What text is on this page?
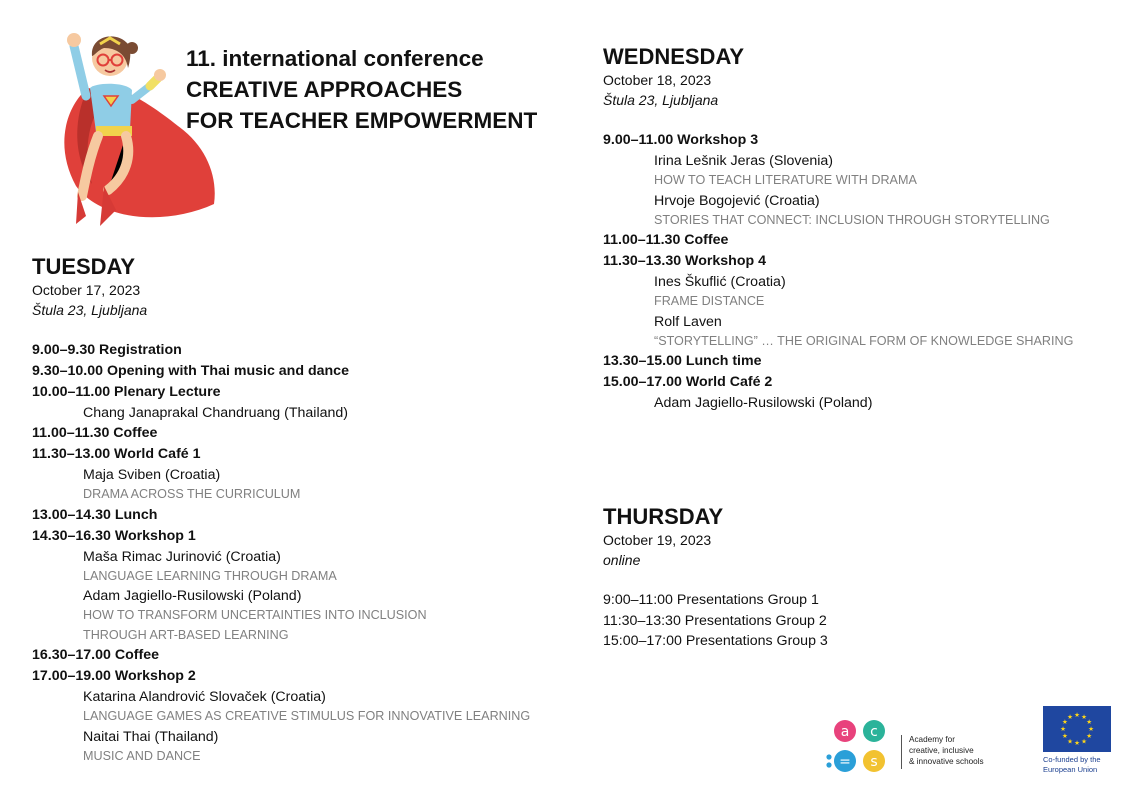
11. international conference
CREATIVE APPROACHES
FOR TEACHER EMPOWERMENT
TUESDAY
October 17, 2023
Štula 23, Ljubljana
9.00–9.30 Registration
9.30–10.00 Opening with Thai music and dance
10.00–11.00 Plenary Lecture
Chang Janaprakal Chandruang (Thailand)
11.00–11.30 Coffee
11.30–13.00 World Café 1
Maja Sviben (Croatia)
DRAMA ACROSS THE CURRICULUM
13.00–14.30 Lunch
14.30–16.30 Workshop 1
Maša Rimac Jurinović (Croatia)
LANGUAGE LEARNING THROUGH DRAMA
Adam Jagiello-Rusilowski (Poland)
HOW TO TRANSFORM UNCERTAINTIES INTO INCLUSION
THROUGH ART-BASED LEARNING
16.30–17.00 Coffee
17.00–19.00 Workshop 2
Katarina Alandrović Slovaček (Croatia)
LANGUAGE GAMES AS CREATIVE STIMULUS FOR INNOVATIVE LEARNING
Naitai Thai (Thailand)
MUSIC AND DANCE
WEDNESDAY
October 18, 2023
Štula 23, Ljubljana
9.00–11.00 Workshop 3
Irina Lešnik Jeras (Slovenia)
HOW TO TEACH LITERATURE WITH DRAMA
Hrvoje Bogojević (Croatia)
STORIES THAT CONNECT: INCLUSION THROUGH STORYTELLING
11.00–11.30 Coffee
11.30–13.30 Workshop 4
Ines Škuflić (Croatia)
FRAME DISTANCE
Rolf Laven
“STORYTELLING” … THE ORIGINAL FORM OF KNOWLEDGE SHARING
13.30–15.00 Lunch time
15.00–17.00 World Café 2
Adam Jagiello-Rusilowski (Poland)
THURSDAY
October 19, 2023
online
9:00–11:00 Presentations Group 1
11:30–13:30 Presentations Group 2
15:00–17:00 Presentations Group 3
a c
= s
Academy for
creative, inclusive
& innovative schools
★ ★
★
★
★
★
★
★
★
★
★
★
Co-funded by the
European Union
